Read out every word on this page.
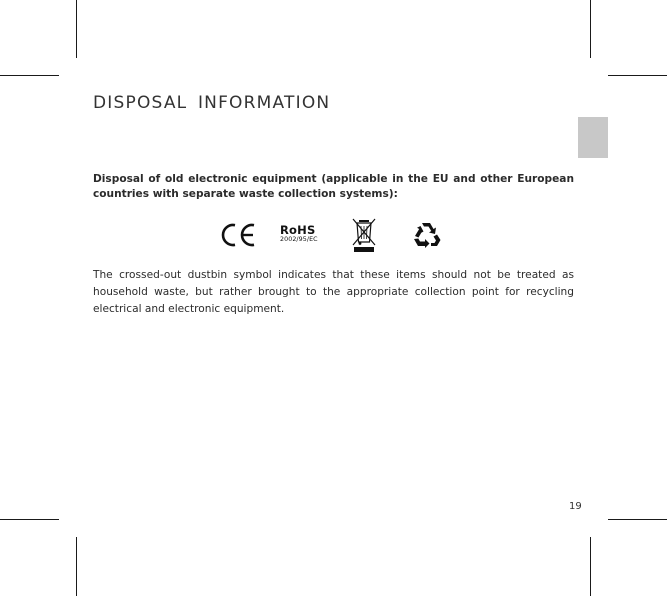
DISPOSAL INFORMATION

Disposal of old electronic equipment (applicable in the EU and other European countries with separate waste collection systems):

RoHS
2002/95/EC

The crossed-out dustbin symbol indicates that these items should not be treated as household waste, but rather brought to the appropriate collection point for recycling electrical and electronic equipment.

19
